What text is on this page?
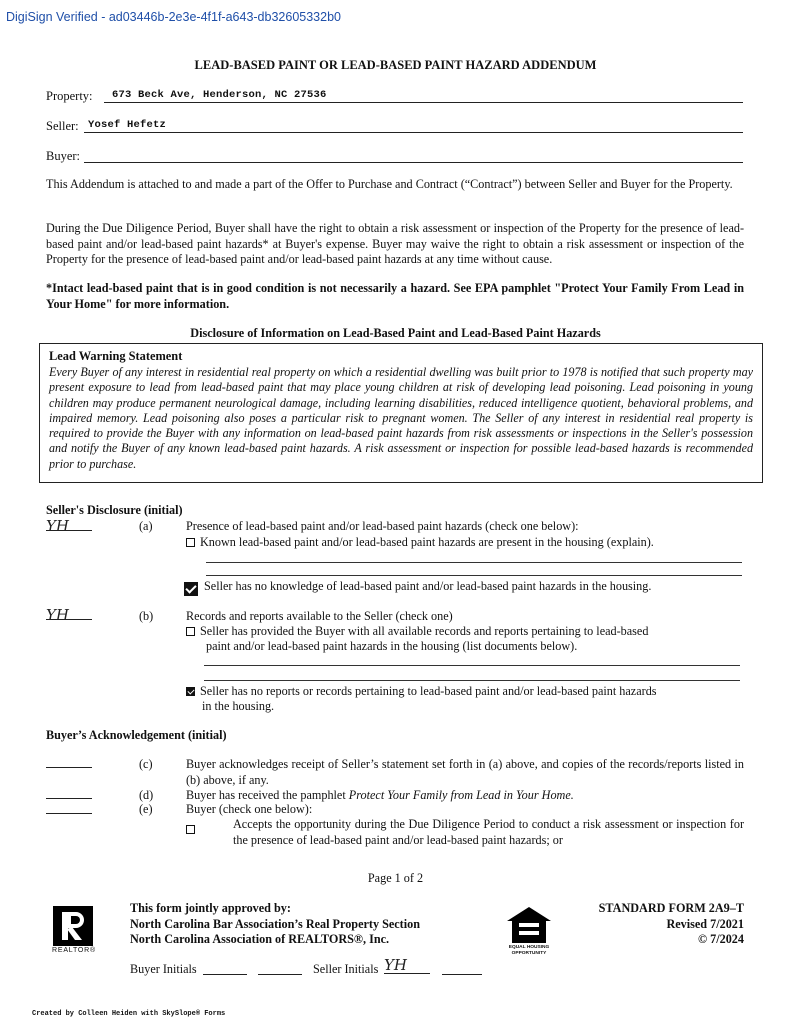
DigiSign Verified - ad03446b-2e3e-4f1f-a643-db32605332b0
LEAD-BASED PAINT OR LEAD-BASED PAINT HAZARD ADDENDUM
Property: 673 Beck Ave, Henderson, NC 27536
Seller: Yosef Hefetz
Buyer:
This Addendum is attached to and made a part of the Offer to Purchase and Contract (“Contract”) between Seller and Buyer for the Property.
During the Due Diligence Period, Buyer shall have the right to obtain a risk assessment or inspection of the Property for the presence of lead-based paint and/or lead-based paint hazards* at Buyer's expense. Buyer may waive the right to obtain a risk assessment or inspection of the Property for the presence of lead-based paint and/or lead-based paint hazards at any time without cause.
*Intact lead-based paint that is in good condition is not necessarily a hazard. See EPA pamphlet "Protect Your Family From Lead in Your Home" for more information.
Disclosure of Information on Lead-Based Paint and Lead-Based Paint Hazards
Lead Warning Statement
Every Buyer of any interest in residential real property on which a residential dwelling was built prior to 1978 is notified that such property may present exposure to lead from lead-based paint that may place young children at risk of developing lead poisoning. Lead poisoning in young children may produce permanent neurological damage, including learning disabilities, reduced intelligence quotient, behavioral problems, and impaired memory. Lead poisoning also poses a particular risk to pregnant women. The Seller of any interest in residential real property is required to provide the Buyer with any information on lead-based paint hazards from risk assessments or inspections in the Seller's possession and notify the Buyer of any known lead-based paint hazards. A risk assessment or inspection for possible lead-based hazards is recommended prior to purchase.
Seller's Disclosure (initial)
YH	(a)	Presence of lead-based paint and/or lead-based paint hazards (check one below):
Known lead-based paint and/or lead-based paint hazards are present in the housing (explain).
Seller has no knowledge of lead-based paint and/or lead-based paint hazards in the housing.
YH	(b)	Records and reports available to the Seller (check one)
Seller has provided the Buyer with all available records and reports pertaining to lead-based
paint and/or lead-based paint hazards in the housing (list documents below).
Seller has no reports or records pertaining to lead-based paint and/or lead-based paint hazards
in the housing.
Buyer’s Acknowledgement (initial)
(c)	Buyer acknowledges receipt of Seller’s statement set forth in (a) above, and copies of the records/reports listed in (b) above, if any.
(d)	Buyer has received the pamphlet Protect Your Family from Lead in Your Home.
(e)	Buyer (check one below):
Accepts the opportunity during the Due Diligence Period to conduct a risk assessment or inspection for the presence of lead-based paint and/or lead-based paint hazards; or
Page 1 of 2
REALTOR®
This form jointly approved by:
North Carolina Bar Association’s Real Property Section
North Carolina Association of REALTORS®, Inc.
EQUAL HOUSING OPPORTUNITY
STANDARD FORM 2A9–T
Revised 7/2021
© 7/2024
Buyer Initials	Seller Initials YH
Created by Colleen Heiden with SkySlope® Forms
